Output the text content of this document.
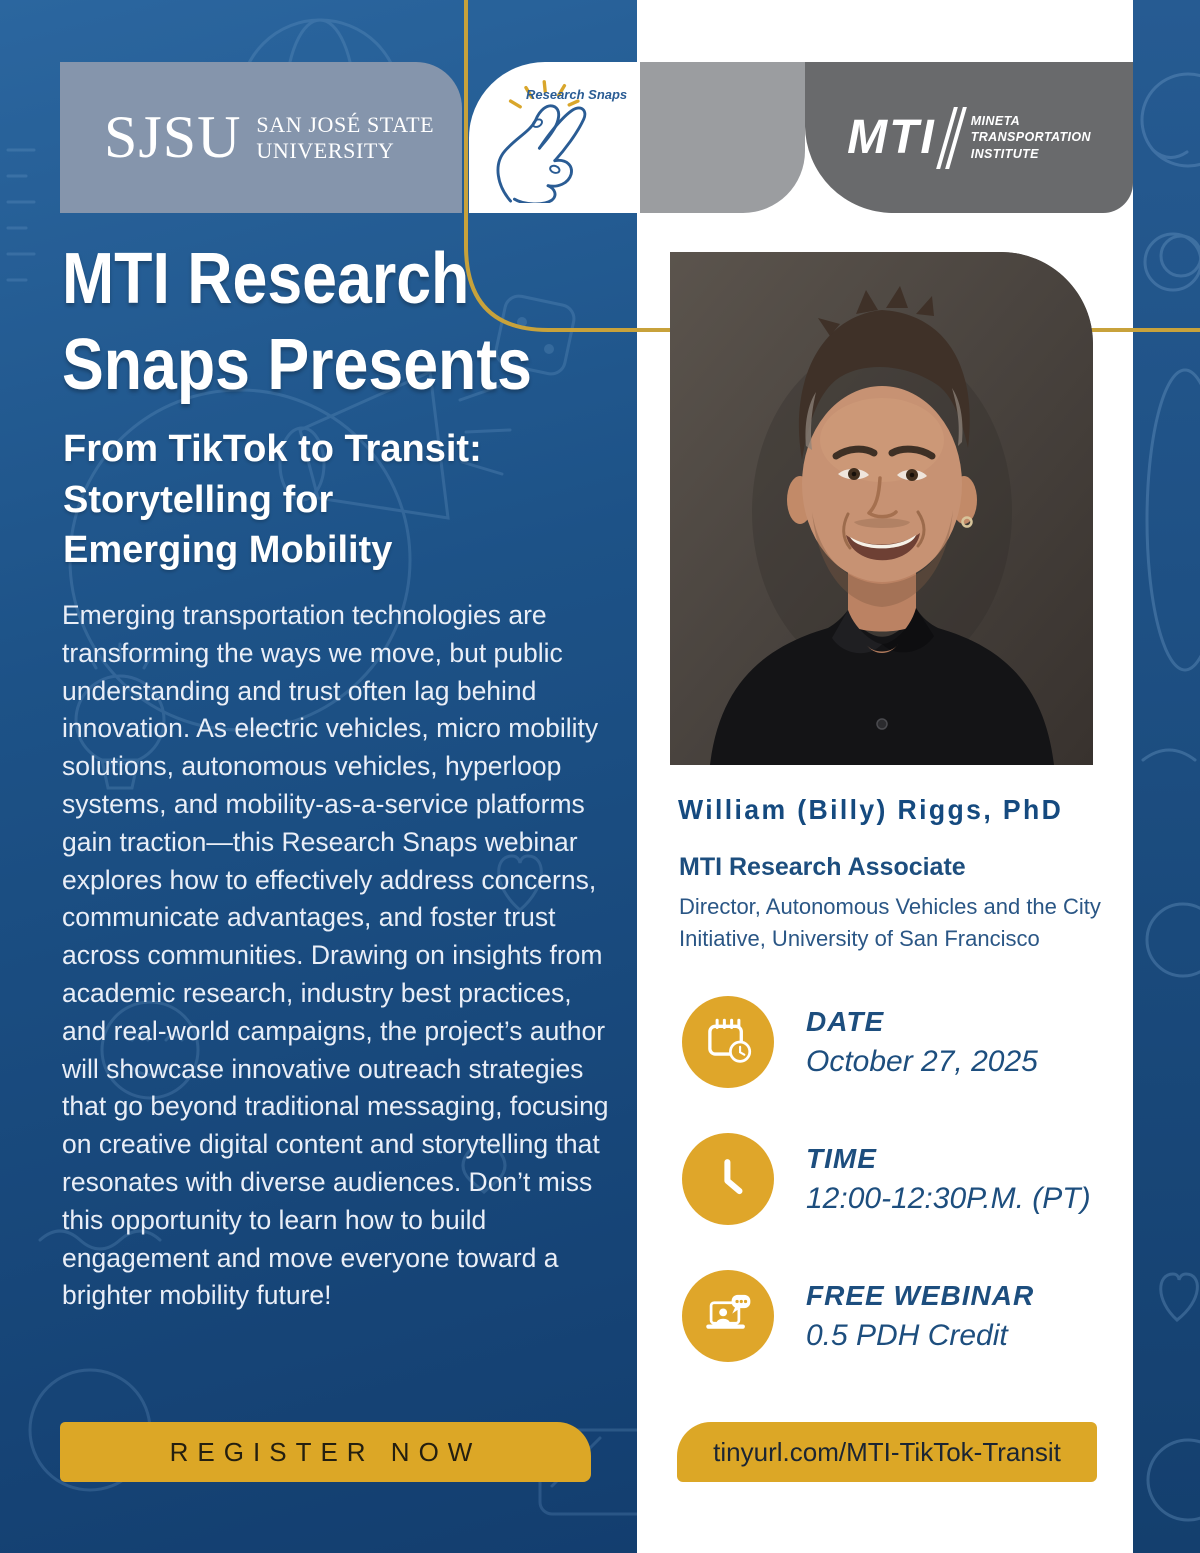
SJSU SAN JOSÉ STATE
UNIVERSITY
Research Snaps
MTI	MINETA
TRANSPORTATION
INSTITUTE
MTI Research
Snaps Presents
From TikTok to Transit:
Storytelling for
Emerging Mobility
Emerging transportation technologies are transforming the ways we move, but public understanding and trust often lag behind innovation. As electric vehicles, micro mobility solutions, autonomous vehicles, hyperloop systems, and mobility-as-a-service platforms gain traction—this Research Snaps webinar explores how to effectively address concerns, communicate advantages, and foster trust across communities. Drawing on insights from academic research, industry best practices, and real-world campaigns, the project’s author will showcase innovative outreach strategies that go beyond traditional messaging, focusing on creative digital content and storytelling that resonates with diverse audiences. Don’t miss this opportunity to learn how to build engagement and move everyone toward a brighter mobility future!
REGISTER NOW
William (Billy) Riggs, PhD
MTI Research Associate
Director, Autonomous Vehicles and the City Initiative, University of San Francisco
DATE
October 27, 2025
TIME
12:00-12:30P.M. (PT)
FREE WEBINAR
0.5 PDH Credit
tinyurl.com/MTI-TikTok-Transit
